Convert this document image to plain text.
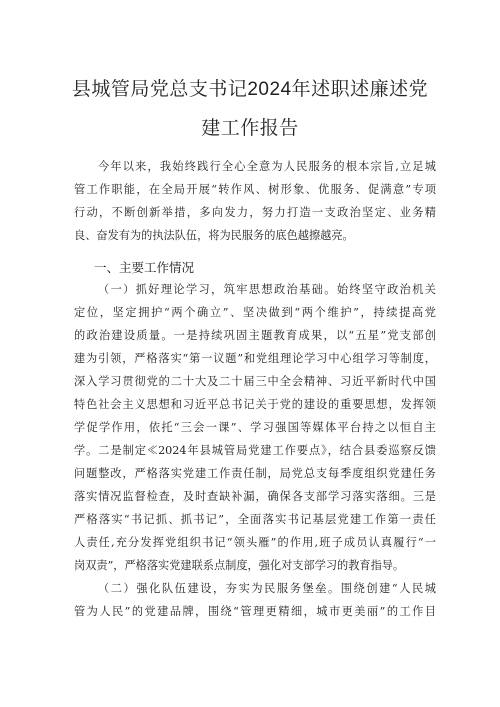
县城管局党总支书记2024年述职述廉述党
建工作报告
今年以来，我始终践行全心全意为人民服务的根本宗旨,立足城
管工作职能，在全局开展“转作风、树形象、优服务、促满意”专项
行动，不断创新举措，多向发力，努力打造一支政治坚定、业务精
良、奋发有为的执法队伍，将为民服务的底色越擦越亮。
一、主要工作情况
（一）抓好理论学习，筑牢思想政治基础。始终坚守政治机关
定位，坚定拥护“两个确立”、坚决做到“两个维护”，持续提高党
的政治建设质量。一是持续巩固主题教育成果，以“五星”党支部创
建为引领，严格落实“第一议题”和党组理论学习中心组学习等制度，
深入学习贯彻党的二十大及二十届三中全会精神、习近平新时代中国
特色社会主义思想和习近平总书记关于党的建设的重要思想，发挥领
学促学作用，依托“三会一课”、学习强国等媒体平台持之以恒自主
学。二是制定≪2024年县城管局党建工作要点》，结合县委巡察反馈
问题整改，严格落实党建工作责任制，局党总支每季度组织党建任务
落实情况监督检查，及时查缺补漏，确保各支部学习落实落细。三是
严格落实“书记抓、抓书记”，全面落实书记基层党建工作第一责任
人责任,充分发挥党组织书记“领头雁”的作用,班子成员认真履行“一
岗双责”，严格落实党建联系点制度，强化对支部学习的教育指导。
（二）强化队伍建设，夯实为民服务堡垒。围绕创建“人民城
管为人民”的党建品牌，围绕“管理更精细，城市更美丽”的工作目
